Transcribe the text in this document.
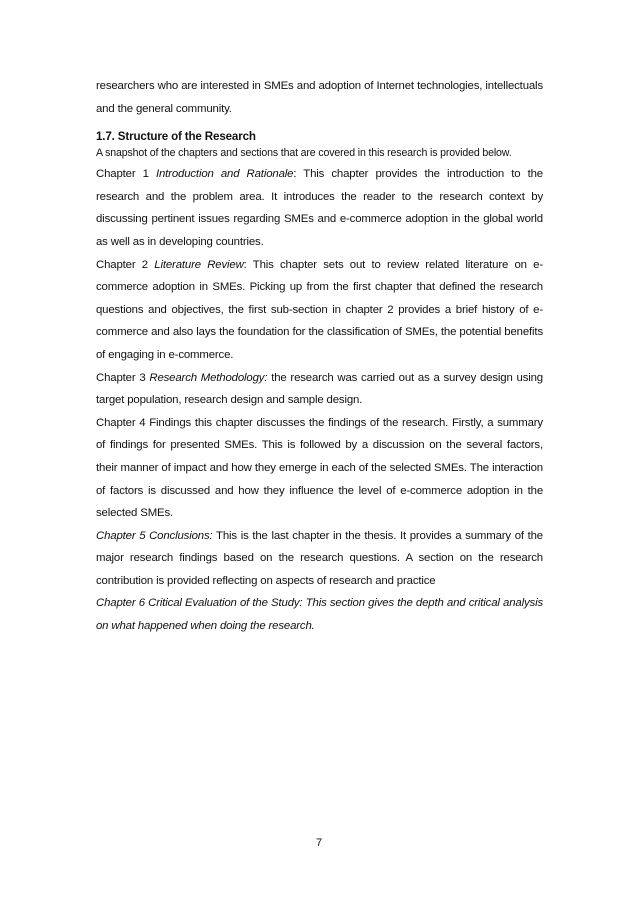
researchers who are interested in SMEs and adoption of Internet technologies, intellectuals and the general community.

1.7. Structure of the Research

A snapshot of the chapters and sections that are covered in this research is provided below.

Chapter 1 Introduction and Rationale: This chapter provides the introduction to the research and the problem area. It introduces the reader to the research context by discussing pertinent issues regarding SMEs and e-commerce adoption in the global world as well as in developing countries.

Chapter 2 Literature Review: This chapter sets out to review related literature on e-commerce adoption in SMEs. Picking up from the first chapter that defined the research questions and objectives, the first sub-section in chapter 2 provides a brief history of e-commerce and also lays the foundation for the classification of SMEs, the potential benefits of engaging in e-commerce.

Chapter 3 Research Methodology: the research was carried out as a survey design using target population, research design and sample design.

Chapter 4 Findings this chapter discusses the findings of the research. Firstly, a summary of findings for presented SMEs. This is followed by a discussion on the several factors, their manner of impact and how they emerge in each of the selected SMEs. The interaction of factors is discussed and how they influence the level of e-commerce adoption in the selected SMEs.

Chapter 5 Conclusions: This is the last chapter in the thesis. It provides a summary of the major research findings based on the research questions. A section on the research contribution is provided reflecting on aspects of research and practice

Chapter 6 Critical Evaluation of the Study: This section gives the depth and critical analysis on what happened when doing the research.

7
